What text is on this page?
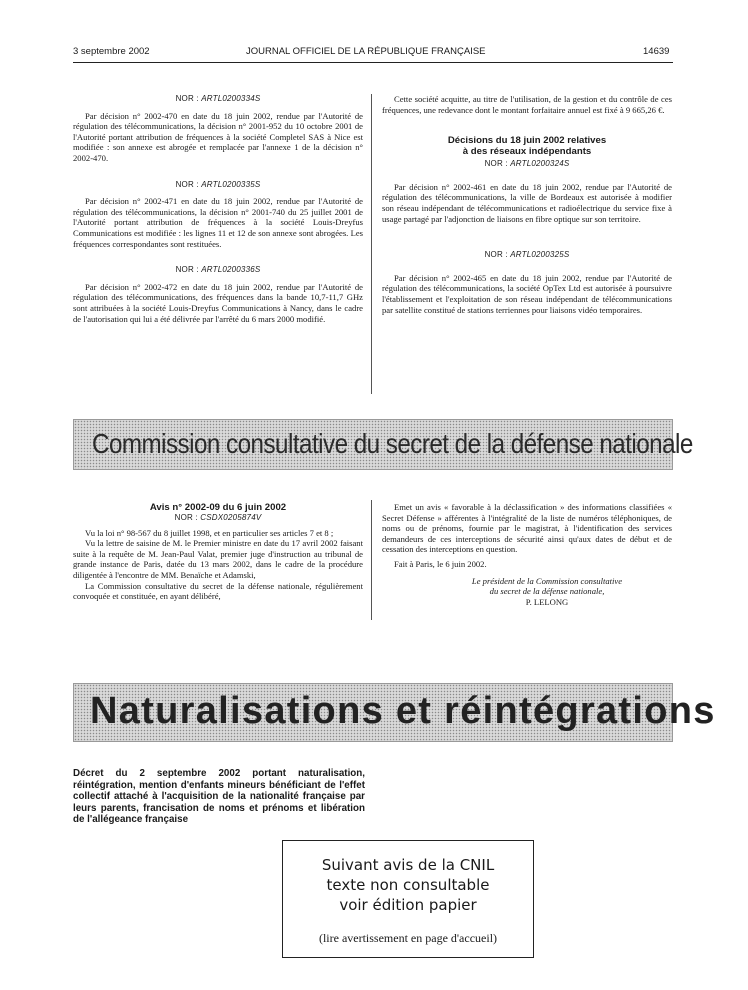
3 septembre 2002	JOURNAL OFFICIEL DE LA RÉPUBLIQUE FRANÇAISE	14639
NOR : ARTL0200334S

Par décision n° 2002-470 en date du 18 juin 2002, rendue par l'Autorité de régulation des télécommunications, la décision n° 2001-952 du 10 octobre 2001 de l'Autorité portant attribution de fréquences à la société Completel SAS à Nice est modifiée : son annexe est abrogée et remplacée par l'annexe 1 de la décision n° 2002-470.

NOR : ARTL0200335S

Par décision n° 2002-471 en date du 18 juin 2002, rendue par l'Autorité de régulation des télécommunications, la décision n° 2001-740 du 25 juillet 2001 de l'Autorité portant attribution de fréquences à la société Louis-Dreyfus Communications est modifiée : les lignes 11 et 12 de son annexe sont abrogées. Les fréquences correspondantes sont restituées.

NOR : ARTL0200336S

Par décision n° 2002-472 en date du 18 juin 2002, rendue par l'Autorité de régulation des télécommunications, des fréquences dans la bande 10,7-11,7 GHz sont attribuées à la société Louis-Dreyfus Communications à Nancy, dans le cadre de l'autorisation qui lui a été délivrée par l'arrêté du 6 mars 2000 modifié.

Cette société acquitte, au titre de l'utilisation, de la gestion et du contrôle de ces fréquences, une redevance dont le montant forfaitaire annuel est fixé à 9 665,26 €.

Décisions du 18 juin 2002 relatives
à des réseaux indépendants
NOR : ARTL0200324S

Par décision n° 2002-461 en date du 18 juin 2002, rendue par l'Autorité de régulation des télécommunications, la ville de Bordeaux est autorisée à modifier son réseau indépendant de télécommunications et radioélectrique du service fixe à usage partagé par l'adjonction de liaisons en fibre optique sur son territoire.

NOR : ARTL0200325S

Par décision n° 2002-465 en date du 18 juin 2002, rendue par l'Autorité de régulation des télécommunications, la société OpTex Ltd est autorisée à poursuivre l'établissement et l'exploitation de son réseau indépendant de télécommunications par satellite constitué de stations terriennes pour liaisons vidéo temporaires.

Commission consultative du secret de la défense nationale
Avis n° 2002-09 du 6 juin 2002
NOR : CSDX0205874V

Vu la loi n° 98-567 du 8 juillet 1998, et en particulier ses articles 7 et 8 ;

Vu la lettre de saisine de M. le Premier ministre en date du 17 avril 2002 faisant suite à la requête de M. Jean-Paul Valat, premier juge d'instruction au tribunal de grande instance de Paris, datée du 13 mars 2002, dans le cadre de la procédure diligentée à l'encontre de MM. Benaïche et Adamski,

La Commission consultative du secret de la défense nationale, régulièrement convoquée et constituée, en ayant délibéré,

Emet un avis « favorable à la déclassification » des informations classifiées « Secret Défense » afférentes à l'intégralité de la liste de numéros téléphoniques, de noms ou de prénoms, fournie par le magistrat, à l'identification des services demandeurs de ces interceptions de sécurité ainsi qu'aux dates de début et de cessation des interceptions en question.

Fait à Paris, le 6 juin 2002.

Le président de la Commission consultative
du secret de la défense nationale,
P. LELONG
Naturalisations et réintégrations
Décret du 2 septembre 2002 portant naturalisation, réintégration, mention d'enfants mineurs bénéficiant de l'effet collectif attaché à l'acquisition de la nationalité française par leurs parents, francisation de noms et prénoms et libération de l'allégeance française
Suivant avis de la CNIL
texte non consultable
voir édition papier
(lire avertissement en page d'accueil)
